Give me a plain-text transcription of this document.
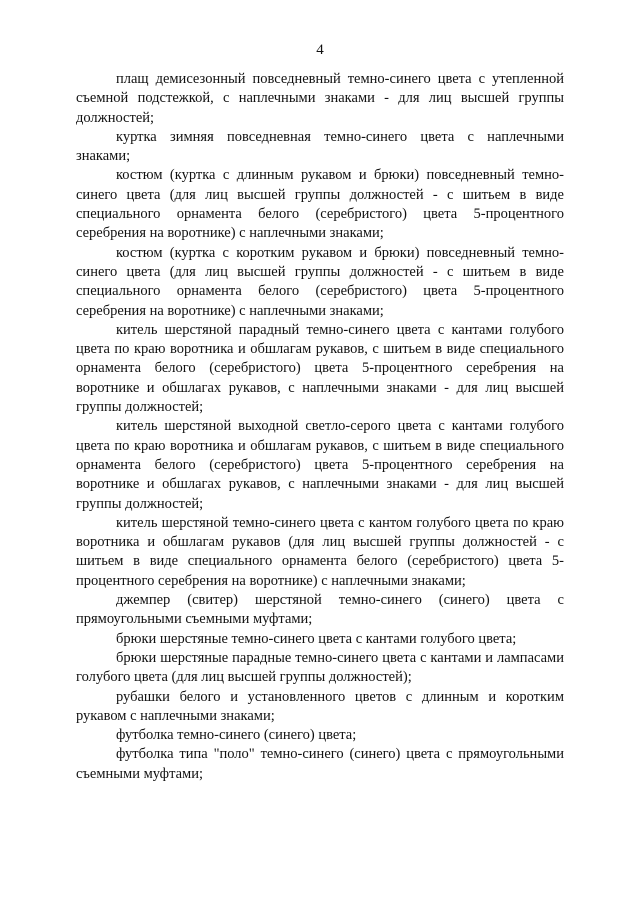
4

плащ демисезонный повседневный темно-синего цвета с утепленной съемной подстежкой, с наплечными знаками - для лиц высшей группы должностей;

куртка зимняя повседневная темно-синего цвета с наплечными знаками;

костюм (куртка с длинным рукавом и брюки) повседневный темно-синего цвета (для лиц высшей группы должностей - с шитьем в виде специального орнамента белого (серебристого) цвета 5-процентного серебрения на воротнике) с наплечными знаками;

костюм (куртка с коротким рукавом и брюки) повседневный темно-синего цвета (для лиц высшей группы должностей - с шитьем в виде специального орнамента белого (серебристого) цвета 5-процентного серебрения на воротнике) с наплечными знаками;

китель шерстяной парадный темно-синего цвета с кантами голубого цвета по краю воротника и обшлагам рукавов, с шитьем в виде специального орнамента белого (серебристого) цвета 5-процентного серебрения на воротнике и обшлагах рукавов, с наплечными знаками - для лиц высшей группы должностей;

китель шерстяной выходной светло-серого цвета с кантами голубого цвета по краю воротника и обшлагам рукавов, с шитьем в виде специального орнамента белого (серебристого) цвета 5-процентного серебрения на воротнике и обшлагах рукавов, с наплечными знаками - для лиц высшей группы должностей;

китель шерстяной темно-синего цвета с кантом голубого цвета по краю воротника и обшлагам рукавов (для лиц высшей группы должностей - с шитьем в виде специального орнамента белого (серебристого) цвета 5-процентного серебрения на воротнике) с наплечными знаками;

джемпер (свитер) шерстяной темно-синего (синего) цвета с прямоугольными съемными муфтами;

брюки шерстяные темно-синего цвета с кантами голубого цвета;

брюки шерстяные парадные темно-синего цвета с кантами и лампасами голубого цвета (для лиц высшей группы должностей);

рубашки белого и установленного цветов с длинным и коротким рукавом с наплечными знаками;

футболка темно-синего (синего) цвета;

футболка типа "поло" темно-синего (синего) цвета с прямоугольными съемными муфтами;
